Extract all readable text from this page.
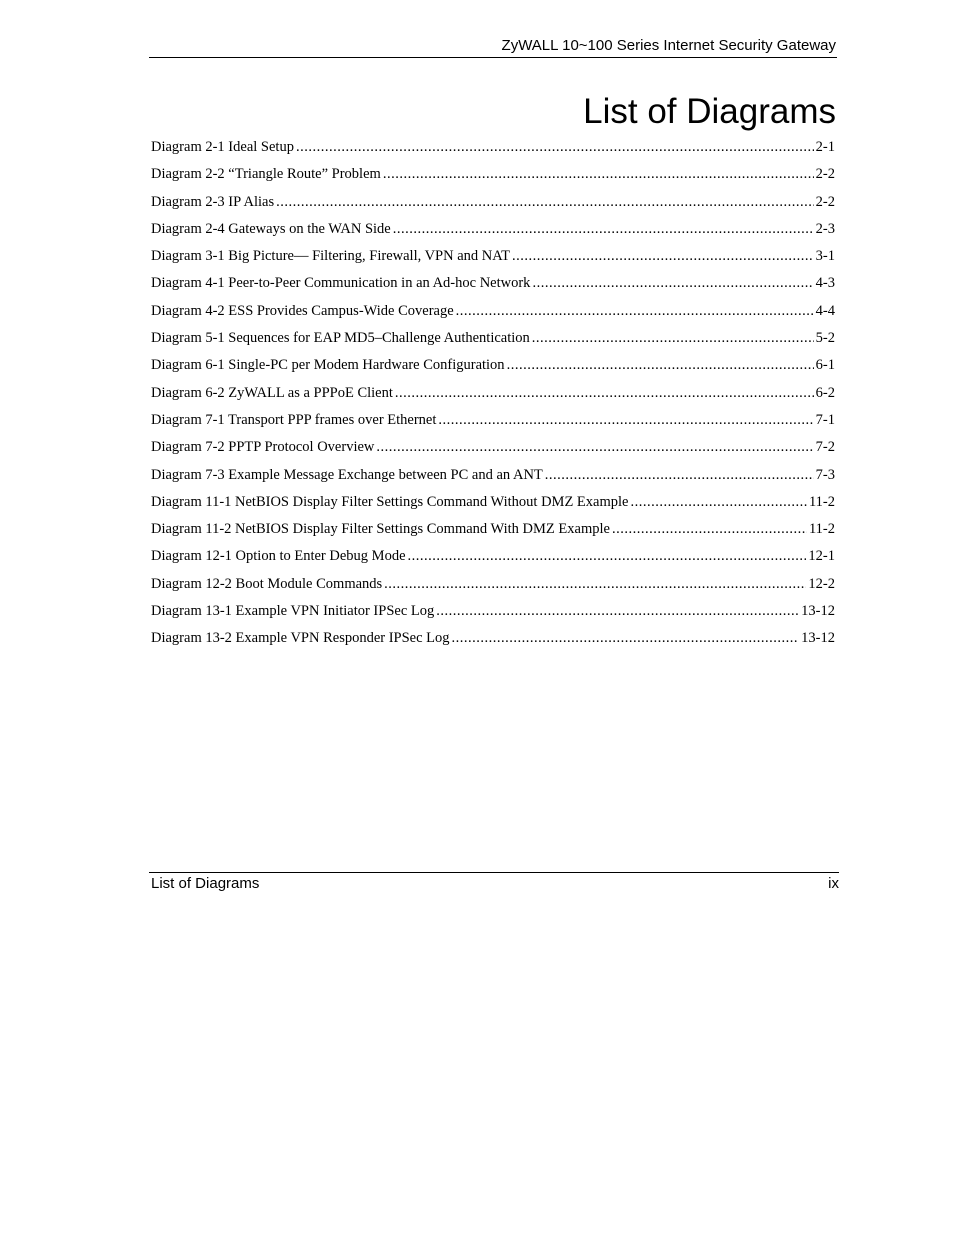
ZyWALL 10~100 Series Internet Security Gateway
List of Diagrams
Diagram 2-1 Ideal Setup .....	2-1
Diagram 2-2 “Triangle Route” Problem .....	2-2
Diagram 2-3 IP Alias .....	2-2
Diagram 2-4 Gateways on the WAN Side .....	2-3
Diagram 3-1 Big Picture— Filtering, Firewall, VPN and NAT .....	3-1
Diagram 4-1 Peer-to-Peer Communication in an Ad-hoc Network .....	4-3
Diagram 4-2 ESS Provides Campus-Wide Coverage .....	4-4
Diagram 5-1 Sequences for EAP MD5–Challenge Authentication .....	5-2
Diagram 6-1 Single-PC per Modem Hardware Configuration .....	6-1
Diagram 6-2 ZyWALL as a PPPoE Client .....	6-2
Diagram 7-1 Transport PPP frames over Ethernet .....	7-1
Diagram 7-2 PPTP Protocol Overview .....	7-2
Diagram 7-3 Example Message Exchange between PC and an ANT .....	7-3
Diagram 11-1 NetBIOS Display Filter Settings Command Without DMZ Example .....	11-2
Diagram 11-2 NetBIOS Display Filter Settings Command With DMZ Example .....	11-2
Diagram 12-1 Option to Enter Debug Mode .....	12-1
Diagram 12-2 Boot Module Commands .....	12-2
Diagram 13-1 Example VPN Initiator IPSec Log .....	13-12
Diagram 13-2 Example VPN Responder IPSec Log .....	13-12
List of Diagrams	ix
